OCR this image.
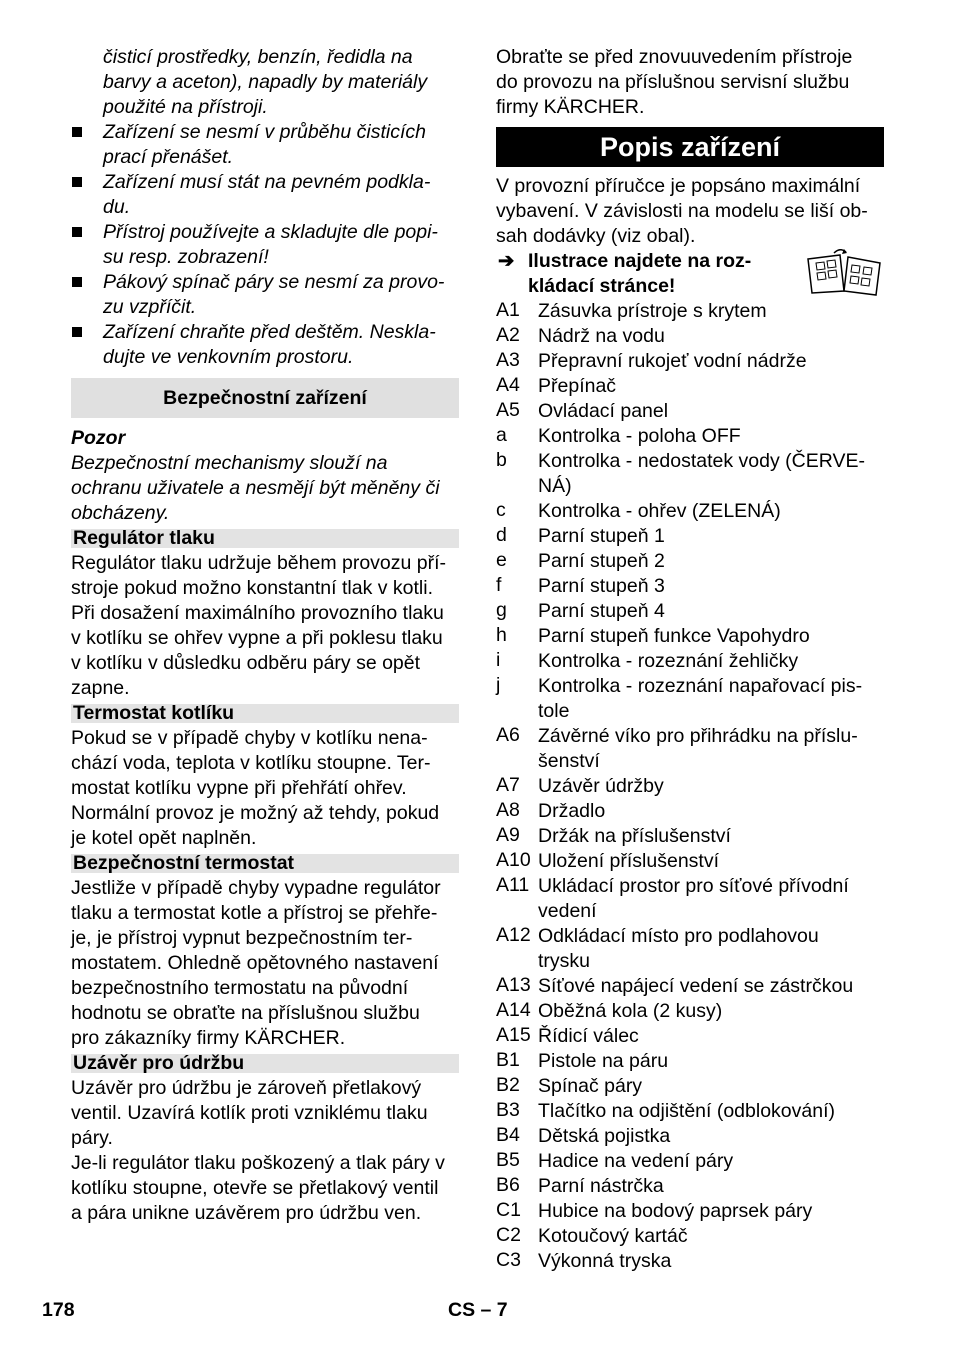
čisticí prostředky, benzín, ředidla na
barvy a aceton), napadly by materiály
použité na přístroji.
Zařízení se nesmí v průběhu čisticích
prací přenášet.
Zařízení musí stát na pevném podkla-
du.
Přístroj používejte a skladujte dle popi-
su resp. zobrazení!
Pákový spínač páry se nesmí za provo-
zu vzpříčit.
Zařízení chraňte před deštěm. Neskla-
dujte ve venkovním prostoru.
Bezpečnostní zařízení
Pozor
Bezpečnostní mechanismy slouží na
ochranu uživatele a nesmějí být měněny či
obcházeny.
Regulátor tlaku
Regulátor tlaku udržuje během provozu pří-
stroje pokud možno konstantní tlak v kotli.
Při dosažení maximálního provozního tlaku
v kotlíku se ohřev vypne a při poklesu tlaku
v kotlíku v důsledku odběru páry se opět
zapne.
Termostat kotlíku
Pokud se v případě chyby v kotlíku nena-
chází voda, teplota v kotlíku stoupne. Ter-
mostat kotlíku vypne při přehřátí ohřev.
Normální provoz je možný až tehdy, pokud
je kotel opět naplněn.
Bezpečnostní termostat
Jestliže v případě chyby vypadne regulátor
tlaku a termostat kotle a přístroj se přehře-
je, je přístroj vypnut bezpečnostním ter-
mostatem. Ohledně opětovného nastavení
bezpečnostního termostatu na původní
hodnotu se obraťte na příslušnou službu
pro zákazníky firmy KÄRCHER.
Uzávěr pro údržbu
Uzávěr pro údržbu je zároveň přetlakový
ventil. Uzavírá kotlík proti vzniklému tlaku
páry.
Je-li regulátor tlaku poškozený a tlak páry v
kotlíku stoupne, otevře se přetlakový ventil
a pára unikne uzávěrem pro údržbu ven.
Obraťte se před znovuuvedením přístroje
do provozu na příslušnou servisní službu
firmy KÄRCHER.
Popis zařízení
V provozní příručce je popsáno maximální
vybavení. V závislosti na modelu se liší ob-
sah dodávky (viz obal).
➔ Ilustrace najdete na roz-
kládací stránce!
A1 Zásuvka prístroje s krytem
A2 Nádrž na vodu
A3 Přepravní rukojeť vodní nádrže
A4 Přepínač
A5 Ovládací panel
a Kontrolka - poloha OFF
b Kontrolka - nedostatek vody (ČERVE-
NÁ)
c Kontrolka - ohřev (ZELENÁ)
d Parní stupeň 1
e Parní stupeň 2
f Parní stupeň 3
g Parní stupeň 4
h Parní stupeň funkce Vapohydro
i Kontrolka - rozeznání žehličky
j Kontrolka - rozeznání napařovací pis-
tole
A6 Závěrné víko pro přihrádku na příslu-
šenství
A7 Uzávěr údržby
A8 Držadlo
A9 Držák na příslušenství
A10 Uložení příslušenství
A11 Ukládací prostor pro síťové přívodní
vedení
A12 Odkládací místo pro podlahovou
trysku
A13 Síťové napájecí vedení se zástrčkou
A14 Oběžná kola (2 kusy)
A15 Řídicí válec
B1 Pistole na páru
B2 Spínač páry
B3 Tlačítko na odjištění (odblokování)
B4 Dětská pojistka
B5 Hadice na vedení páry
B6 Parní nástrčka
C1 Hubice na bodový paprsek páry
C2 Kotoučový kartáč
C3 Výkonná tryska
178	CS – 7
